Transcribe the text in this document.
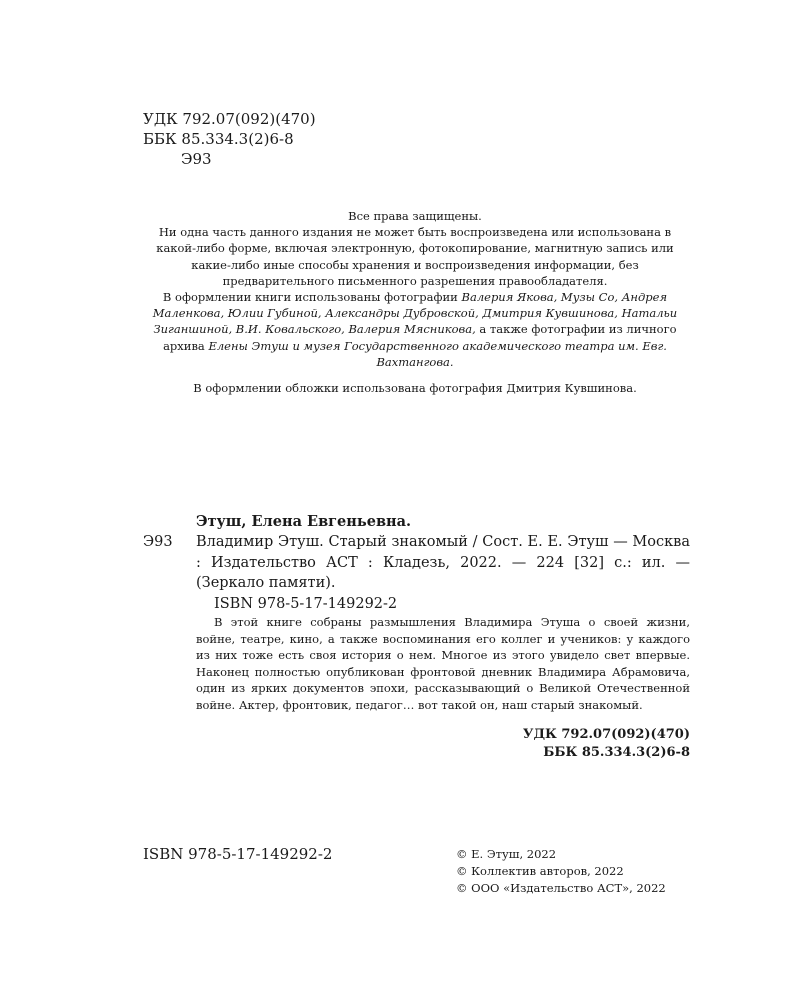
УДК 792.07(092)(470)
ББК 85.334.3(2)6-8
Э93
Все права защищены.
Ни одна часть данного издания не может быть воспроизведена или использована в какой-либо форме, включая электронную, фотокопирование, магнитную запись или какие-либо иные способы хранения и воспроизведения информации, без предварительного письменного разрешения правообладателя.
В оформлении книги использованы фотографии Валерия Якова, Музы Со, Андрея Маленкова, Юлии Губиной, Александры Дубровской, Дмитрия Кувшинова, Натальи Зиганшиной, В.И. Ковальского, Валерия Мясникова, а также фотографии из личного архива Елены Этуш и музея Государственного академического театра им. Евг. Вахтангова.
В оформлении обложки использована фотография Дмитрия Кувшинова.
Этуш, Елена Евгеньевна.
Э93 Владимир Этуш. Старый знакомый / Сост. Е. Е. Этуш — Москва : Издательство АСТ : Кладезь, 2022. — 224 [32] с.: ил. — (Зеркало памяти).
ISBN 978-5-17-149292-2
В этой книге собраны размышления Владимира Этуша о своей жизни, войне, театре, кино, а также воспоминания его коллег и учеников: у каждого из них тоже есть своя история о нем. Многое из этого увидело свет впервые. Наконец полностью опубликован фронтовой дневник Владимира Абрамовича, один из ярких документов эпохи, рассказывающий о Великой Отечественной войне. Актер, фронтовик, педагог… вот такой он, наш старый знакомый.
УДК 792.07(092)(470)
ББК 85.334.3(2)6-8
ISBN 978-5-17-149292-2	© Е. Этуш, 2022
© Коллектив авторов, 2022
© ООО «Издательство АСТ», 2022
